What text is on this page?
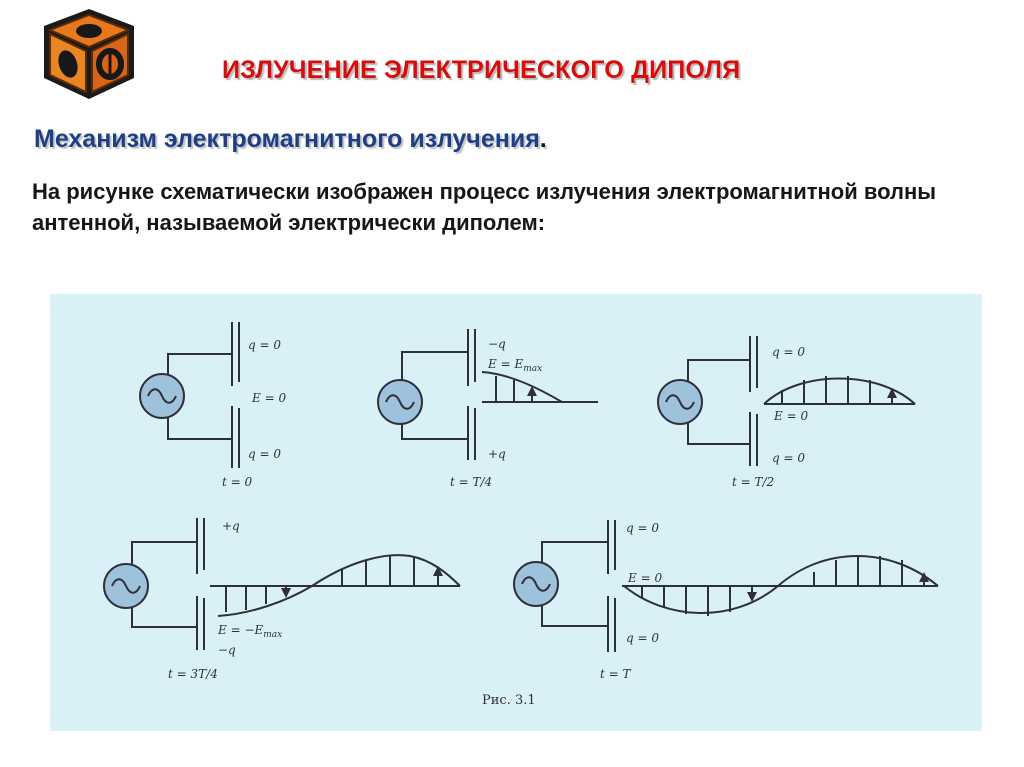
ИЗЛУЧЕНИЕ ЭЛЕКТРИЧЕСКОГО ДИПОЛЯ
Механизм электромагнитного излучения.

На рисунке схематически изображен процесс излучения электромагнитной волны антенной, называемой электрически диполем:

q = 0
E = 0
q = 0
t = 0
−q
$E = E_{max}$
+q
t = T/4
q = 0
E = 0
q = 0
t = T/2
+q
$E = -E_{max}$
−q
t = 3T/4
q = 0
E = 0
q = 0
t = T
Рис. 3.1
